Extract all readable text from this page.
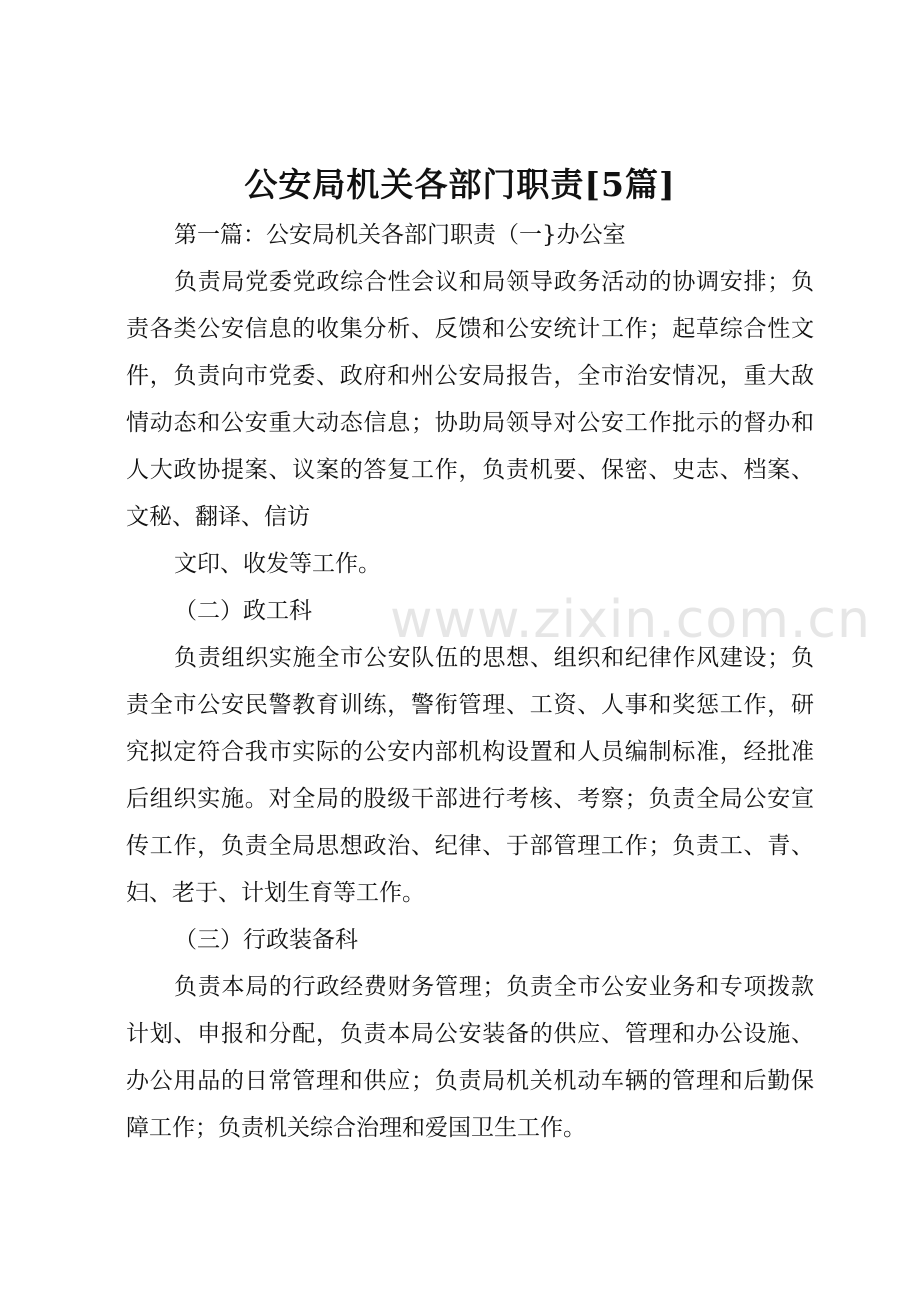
www.zixin.com.cn
公安局机关各部门职责[5篇]

第一篇：公安局机关各部门职责（一}办公室

负责局党委党政综合性会议和局领导政务活动的协调安排；负责各类公安信息的收集分析、反馈和公安统计工作；起草综合性文件，负责向市党委、政府和州公安局报告，全市治安情况，重大敌情动态和公安重大动态信息；协助局领导对公安工作批示的督办和人大政协提案、议案的答复工作，负责机要、保密、史志、档案、文秘、翻译、信访

文印、收发等工作。

（二）政工科

负责组织实施全市公安队伍的思想、组织和纪律作风建设；负责全市公安民警教育训练，警衔管理、工资、人事和奖惩工作，研究拟定符合我市实际的公安内部机构设置和人员编制标准，经批准后组织实施。对全局的股级干部进行考核、考察；负责全局公安宣传工作，负责全局思想政治、纪律、于部管理工作；负责工、青、妇、老于、计划生育等工作。

（三）行政装备科

负责本局的行政经费财务管理；负责全市公安业务和专项拨款计划、申报和分配，负责本局公安装备的供应、管理和办公设施、办公用品的日常管理和供应；负责局机关机动车辆的管理和后勤保障工作；负责机关综合治理和爱国卫生工作。
